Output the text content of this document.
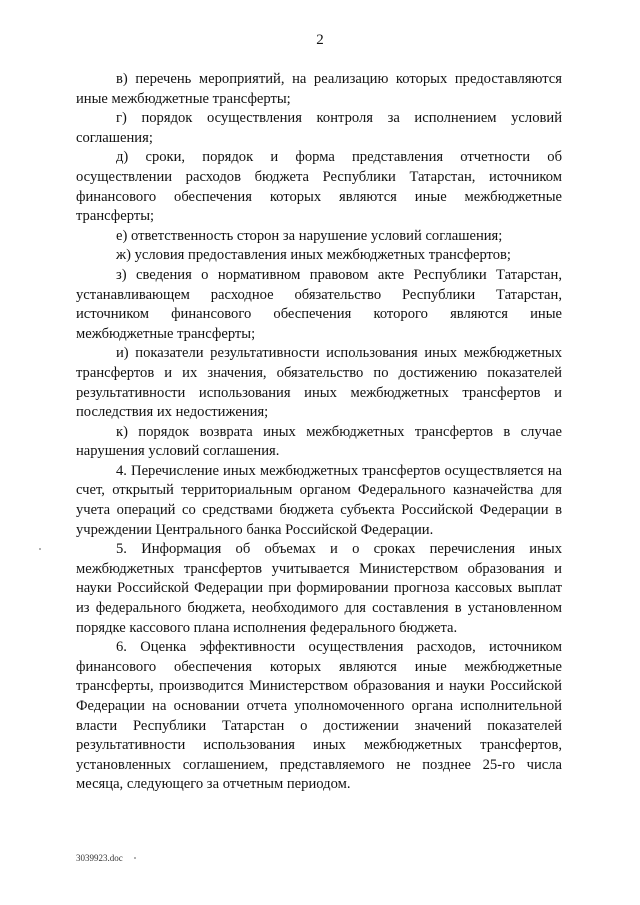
2

в) перечень мероприятий, на реализацию которых предоставляются иные межбюджетные трансферты;

г) порядок осуществления контроля за исполнением условий соглашения;

д) сроки, порядок и форма представления отчетности об осуществлении расходов бюджета Республики Татарстан, источником финансового обеспечения которых являются иные межбюджетные трансферты;

е) ответственность сторон за нарушение условий соглашения;

ж) условия предоставления иных межбюджетных трансфертов;

з) сведения о нормативном правовом акте Республики Татарстан, устанавливающем расходное обязательство Республики Татарстан, источником финансового обеспечения которого являются иные межбюджетные трансферты;

и) показатели результативности использования иных межбюджетных трансфертов и их значения, обязательство по достижению показателей результативности использования иных межбюджетных трансфертов и последствия их недостижения;

к) порядок возврата иных межбюджетных трансфертов в случае нарушения условий соглашения.

4. Перечисление иных межбюджетных трансфертов осуществляется на счет, открытый территориальным органом Федерального казначейства для учета операций со средствами бюджета субъекта Российской Федерации в учреждении Центрального банка Российской Федерации.

5. Информация об объемах и о сроках перечисления иных межбюджетных трансфертов учитывается Министерством образования и науки Российской Федерации при формировании прогноза кассовых выплат из федерального бюджета, необходимого для составления в установленном порядке кассового плана исполнения федерального бюджета.

6. Оценка эффективности осуществления расходов, источником финансового обеспечения которых являются иные межбюджетные трансферты, производится Министерством образования и науки Российской Федерации на основании отчета уполномоченного органа исполнительной власти Республики Татарстан о достижении значений показателей результативности использования иных межбюджетных трансфертов, установленных соглашением, представляемого не позднее 25-го числа месяца, следующего за отчетным периодом.

3039923.doc
